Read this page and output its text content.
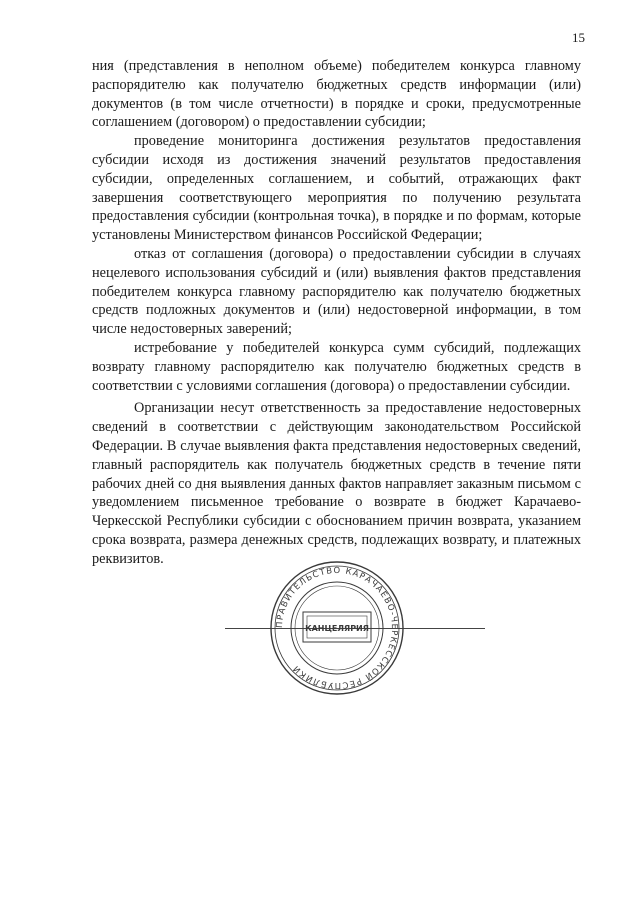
15

ния (представления в неполном объеме) победителем конкурса главному распорядителю как получателю бюджетных средств информации (или) документов (в том числе отчетности) в порядке и сроки, предусмотренные соглашением (договором) о предоставлении субсидии;

проведение мониторинга достижения результатов предоставления субсидии исходя из достижения значений результатов предоставления субсидии, определенных соглашением, и событий, отражающих факт завершения соответствующего мероприятия по получению результата предоставления субсидии (контрольная точка), в порядке и по формам, которые установлены Министерством финансов Российской Федерации;

отказ от соглашения (договора) о предоставлении субсидии в случаях нецелевого использования субсидий и (или) выявления фактов представления победителем конкурса главному распорядителю как получателю бюджетных средств подложных документов и (или) недостоверной информации, в том числе недостоверных заверений;

истребование у победителей конкурса сумм субсидий, подлежащих возврату главному распорядителю как получателю бюджетных средств в соответствии с условиями соглашения (договора) о предоставлении субсидии.

Организации несут ответственность за предоставление недостоверных сведений в соответствии с действующим законодательством Российской Федерации. В случае выявления факта представления недостоверных сведений, главный распорядитель как получатель бюджетных средств в течение пяти рабочих дней со дня выявления данных фактов направляет заказным письмом с уведомлением письменное требование о возврате в бюджет Карачаево-Черкесской Республики субсидии с обоснованием причин возврата, указанием срока возврата, размера денежных средств, подлежащих возврату, и платежных реквизитов.

ПРАВИТЕЛЬСТВО КАРАЧАЕВО-ЧЕРКЕССКОЙ РЕСПУБЛИКИ
КАНЦЕЛЯРИЯ
